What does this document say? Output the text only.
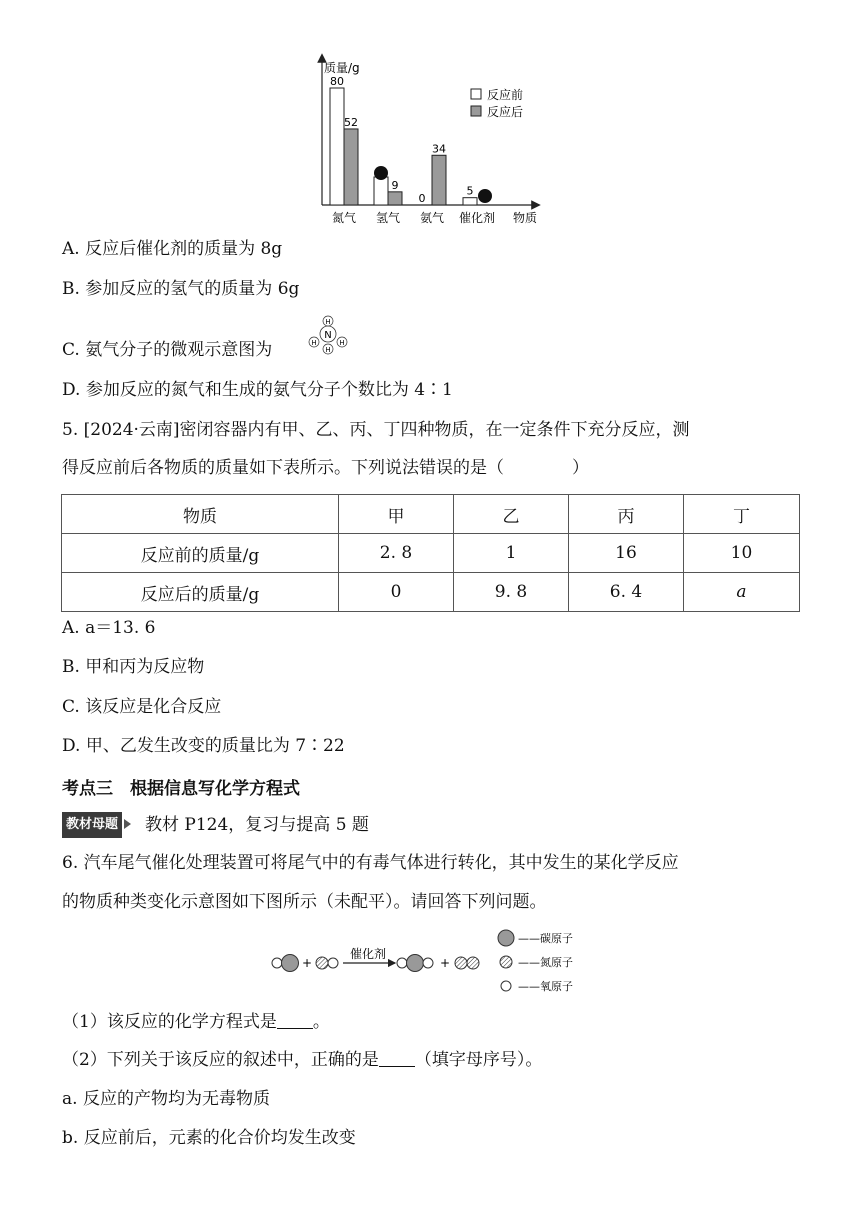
质量/g
物质
80
52
9
0
34
5
氮气 氢气 氨气 催化剂
反应前
反应后
A. 反应后催化剂的质量为 8g
B. 参加反应的氢气的质量为 6g
C. 氨气分子的微观示意图为
N
H
H	H
H
D. 参加反应的氮气和生成的氨气分子个数比为 4∶1
5. [2024·云南]密闭容器内有甲、乙、丙、丁四种物质，在一定条件下充分反应，测
得反应前后各物质的质量如下表所示。下列说法错误的是（　　　　）
物质	甲	乙	丙	丁
反应前的质量/g	2. 8	1	16	10
反应后的质量/g	0	9. 8	6. 4	a
A. a＝13. 6
B. 甲和丙为反应物
C. 该反应是化合反应
D. 甲、乙发生改变的质量比为 7∶22
考点三　根据信息写化学方程式
教材母题 教材 P124，复习与提高 5 题
6. 汽车尾气催化处理装置可将尾气中的有毒气体进行转化，其中发生的某化学反应
的物质种类变化示意图如下图所示（未配平）。请回答下列问题。
+
催化剂
+
——碳原子
——氮原子
——氧原子
（1）该反应的化学方程式是 。
（2）下列关于该反应的叙述中，正确的是 （填字母序号）。
a. 反应的产物均为无毒物质
b. 反应前后，元素的化合价均发生改变
